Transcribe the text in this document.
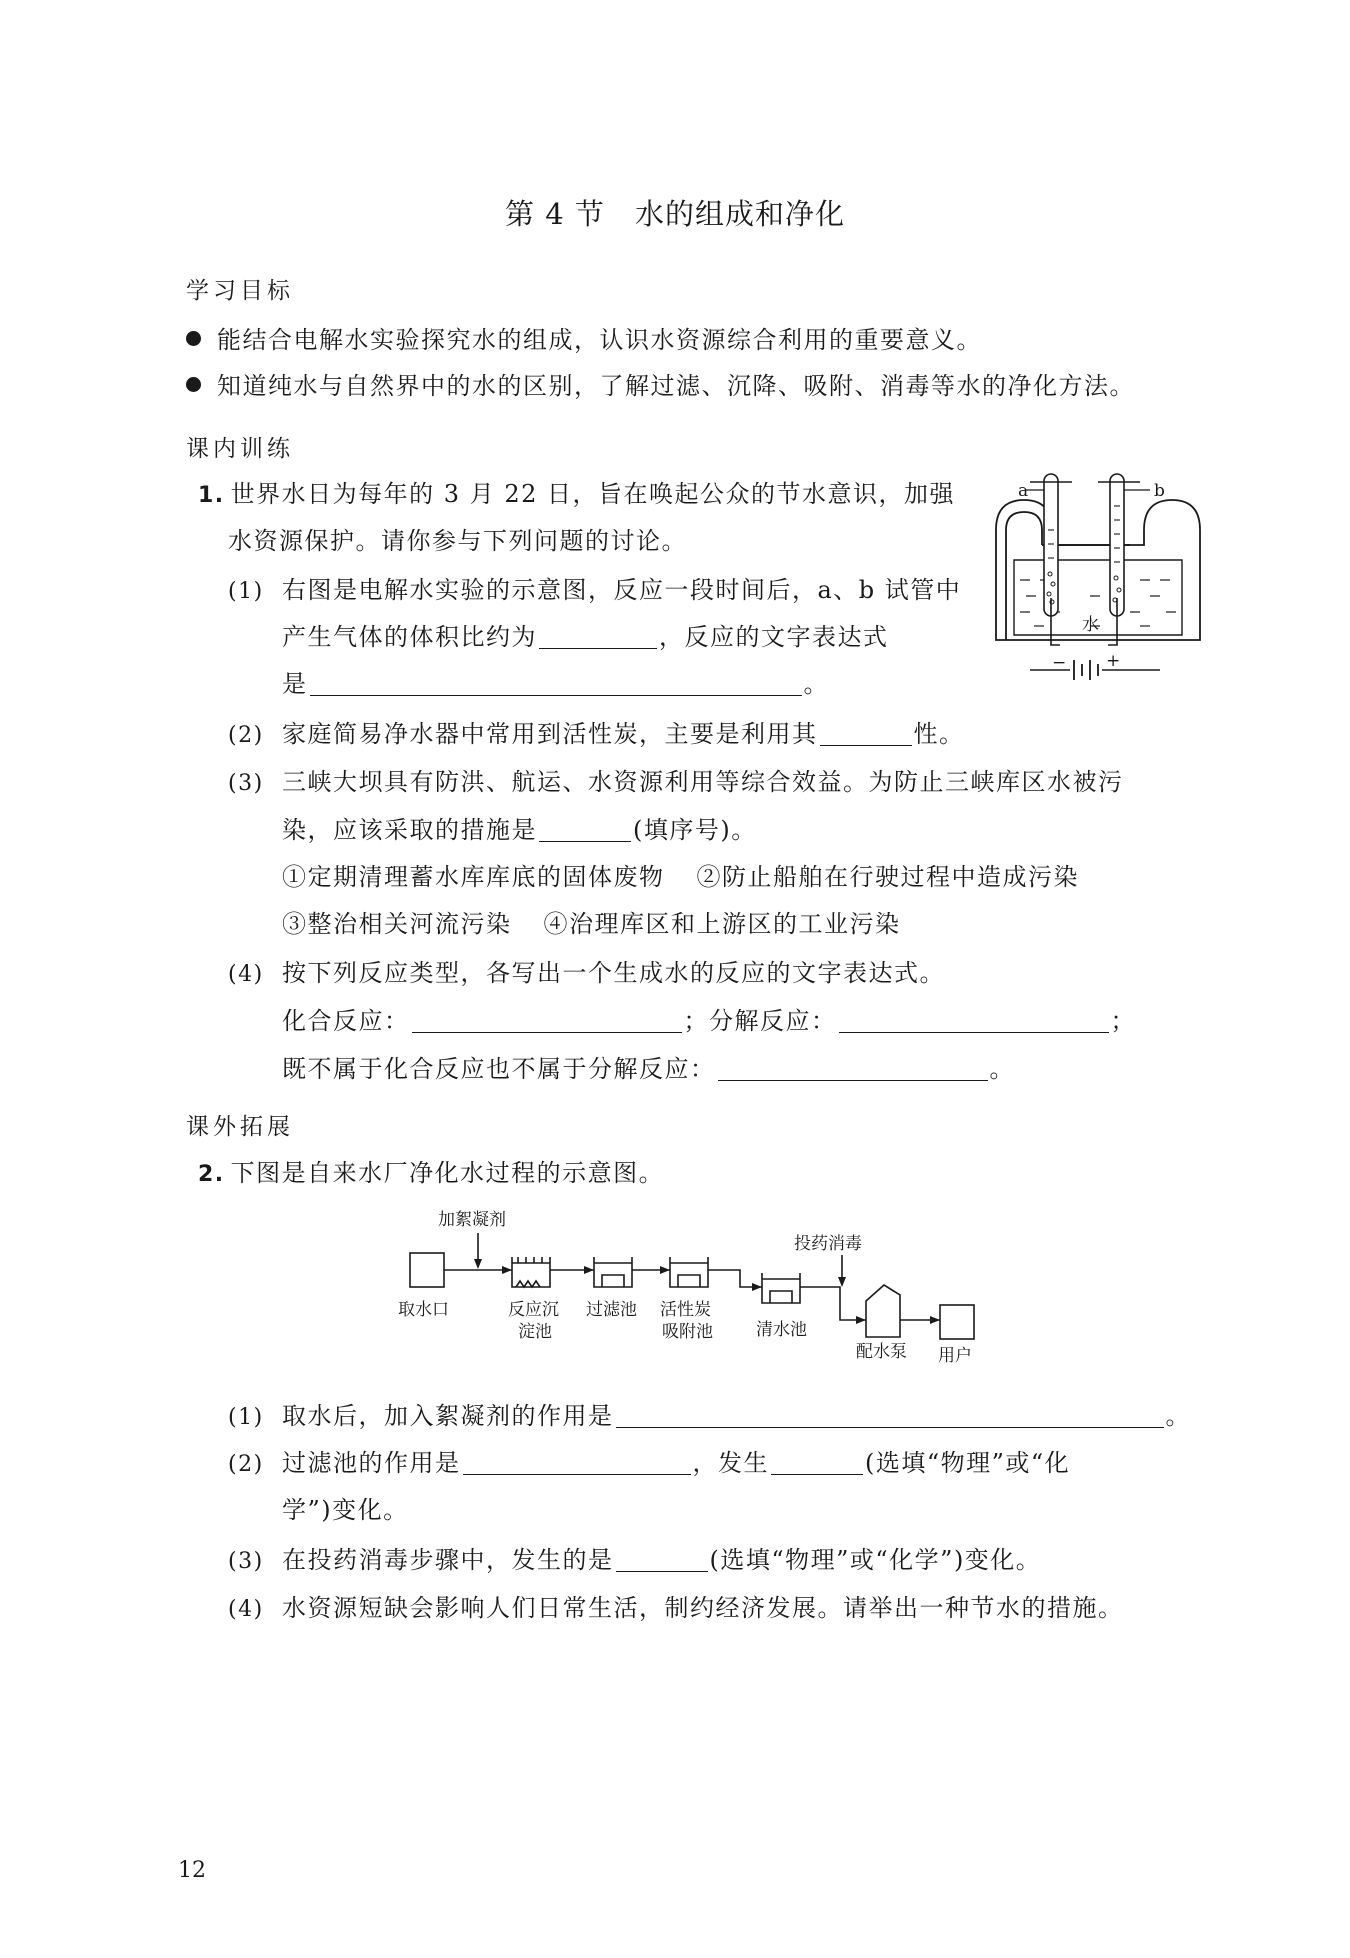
第 4 节 水的组成和净化
学习目标
能结合电解水实验探究水的组成，认识水资源综合利用的重要意义。
知道纯水与自然界中的水的区别，了解过滤、沉降、吸附、消毒等水的净化方法。
课内训练
1. 世界水日为每年的 3 月 22 日，旨在唤起公众的节水意识，加强
水资源保护。请你参与下列问题的讨论。
(1) 右图是电解水实验的示意图，反应一段时间后，a、b 试管中
产生气体的体积比约为	，反应的文字表达式
是	。
a	b
水
− +
(2) 家庭简易净水器中常用到活性炭，主要是利用其	性。
(3) 三峡大坝具有防洪、航运、水资源利用等综合效益。为防止三峡库区水被污
染，应该采取的措施是	(填序号)。
①定期清理蓄水库库底的固体废物 ②防止船舶在行驶过程中造成污染
③整治相关河流污染 ④治理库区和上游区的工业污染
(4) 按下列反应类型，各写出一个生成水的反应的文字表达式。
化合反应：	；分解反应：	；
既不属于化合反应也不属于分解反应：	。
课外拓展
2. 下图是自来水厂净化水过程的示意图。
加絮凝剂
投药消毒
取水口	反应沉
淀池
过滤池 活性炭
吸附池	清水池
配水泵 用户
(1) 取水后，加入絮凝剂的作用是	。
(2) 过滤池的作用是	，发生	(选填“物理”或“化
学”)变化。
(3) 在投药消毒步骤中，发生的是	(选填“物理”或“化学”)变化。
(4) 水资源短缺会影响人们日常生活，制约经济发展。请举出一种节水的措施。
12
